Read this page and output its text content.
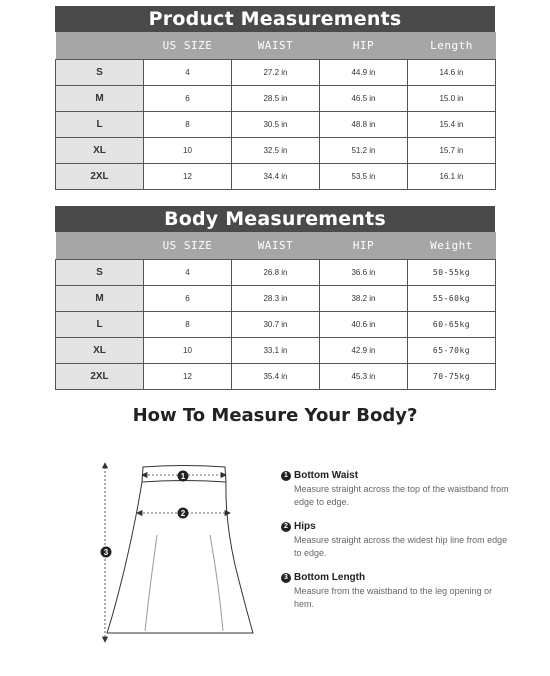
Product Measurements
	US SIZE	WAIST	HIP	Length
S	4	27.2 in	44.9 in	14.6 in
M	6	28.5 in	46.5 in	15.0 in
L	8	30.5 in	48.8 in	15.4 in
XL	10	32.5 in	51.2 in	15.7 in
2XL	12	34.4 in	53.5 in	16.1 in
Body Measurements
	US SIZE	WAIST	HIP	Weight
S	4	26.8 in	36.6 in	50-55kg
M	6	28.3 in	38.2 in	55-60kg
L	8	30.7 in	40.6 in	60-65kg
XL	10	33.1 in	42.9 in	65-70kg
2XL	12	35.4 in	45.3 in	70-75kg
How To Measure Your Body?
1
2
3
1 Bottom Waist
Measure straight across the top of the waistband from edge to edge.
2 Hips
Measure straight across the widest hip line from edge to edge.
3 Bottom Length
Measure from the waistband to the leg opening or hem.
